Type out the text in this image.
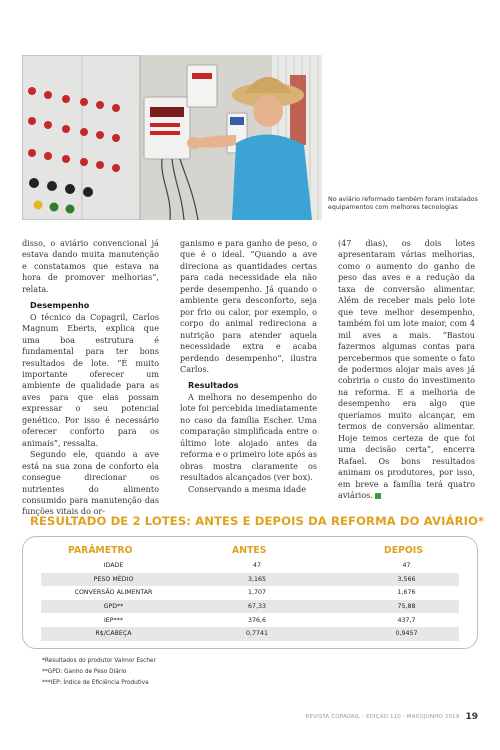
No aviário reformado também foram instalados equipamentos com melhores tecnologias

disso, o aviário convencional já estava dando muita manutenção e constatamos que estava na hora de promover melhorias”, relata.

Desempenho

O técnico da Copagril, Carlos Magnum Eberts, explica que uma boa estrutura é fundamental para ter bons resultados de lote. “É muito importante oferecer um ambiente de qualidade para as aves para que elas possam expressar o seu potencial genético. Por isso é necessário oferecer conforto para os animais”, ressalta.

Segundo ele, quando a ave está na sua zona de conforto ela consegue direcionar os nutrientes do alimento consumido para manutenção das funções vitais do or-

ganismo e para ganho de peso, o que é o ideal. “Quando a ave direciona as quantidades certas para cada necessidade ela não perde desempenho. Já quando o ambiente gera desconforto, seja por frio ou calor, por exemplo, o corpo do animal redireciona a nutrição para atender aquela necessidade extra e acaba perdendo desempenho”, ilustra Carlos.

Resultados

A melhora no desempenho do lote foi percebida imediatamente no caso da família Escher. Uma comparação simplificada entre o último lote alojado antes da reforma e o primeiro lote após as obras mostra claramente os resultados alcançados (ver box).

Conservando a mesma idade

(47 dias), os dois lotes apresentaram várias melhorias, como o aumento do ganho de peso das aves e a redução da taxa de conversão alimentar. Além de receber mais pelo lote que teve melhor desempenho, também foi um lote maior, com 4 mil aves a mais. “Bastou fazermos algumas contas para percebermos que somente o fato de podermos alojar mais aves já cobriria o custo do investimento na reforma. E a melhoria de desempenho era algo que queríamos muito alcançar, em termos de conversão alimentar. Hoje temos certeza de que foi uma decisão certa”, encerra Rafael. Os bons resultados animam os produtores, por isso, em breve a família terá quatro aviários.

RESULTADO DE 2 LOTES: ANTES E DEPOIS DA REFORMA DO AVIÁRIO*
PARÂMETRO	ANTES	DEPOIS
IDADE	47	47
PESO MÉDIO	3,165	3,566
CONVERSÃO ALIMENTAR	1,707	1,676
GPD**	67,33	75,88
IEP***	376,6	437,7
R$/CABEÇA	0,7741	0,9457
*Resultados do produtor Valmor Escher
**GPD: Ganho de Peso Diário
***IEP: Índice de Eficiência Produtiva
REVISTA COPAGRIL - EDIÇÃO 110 - MAIO/JUNHO 2019 19
